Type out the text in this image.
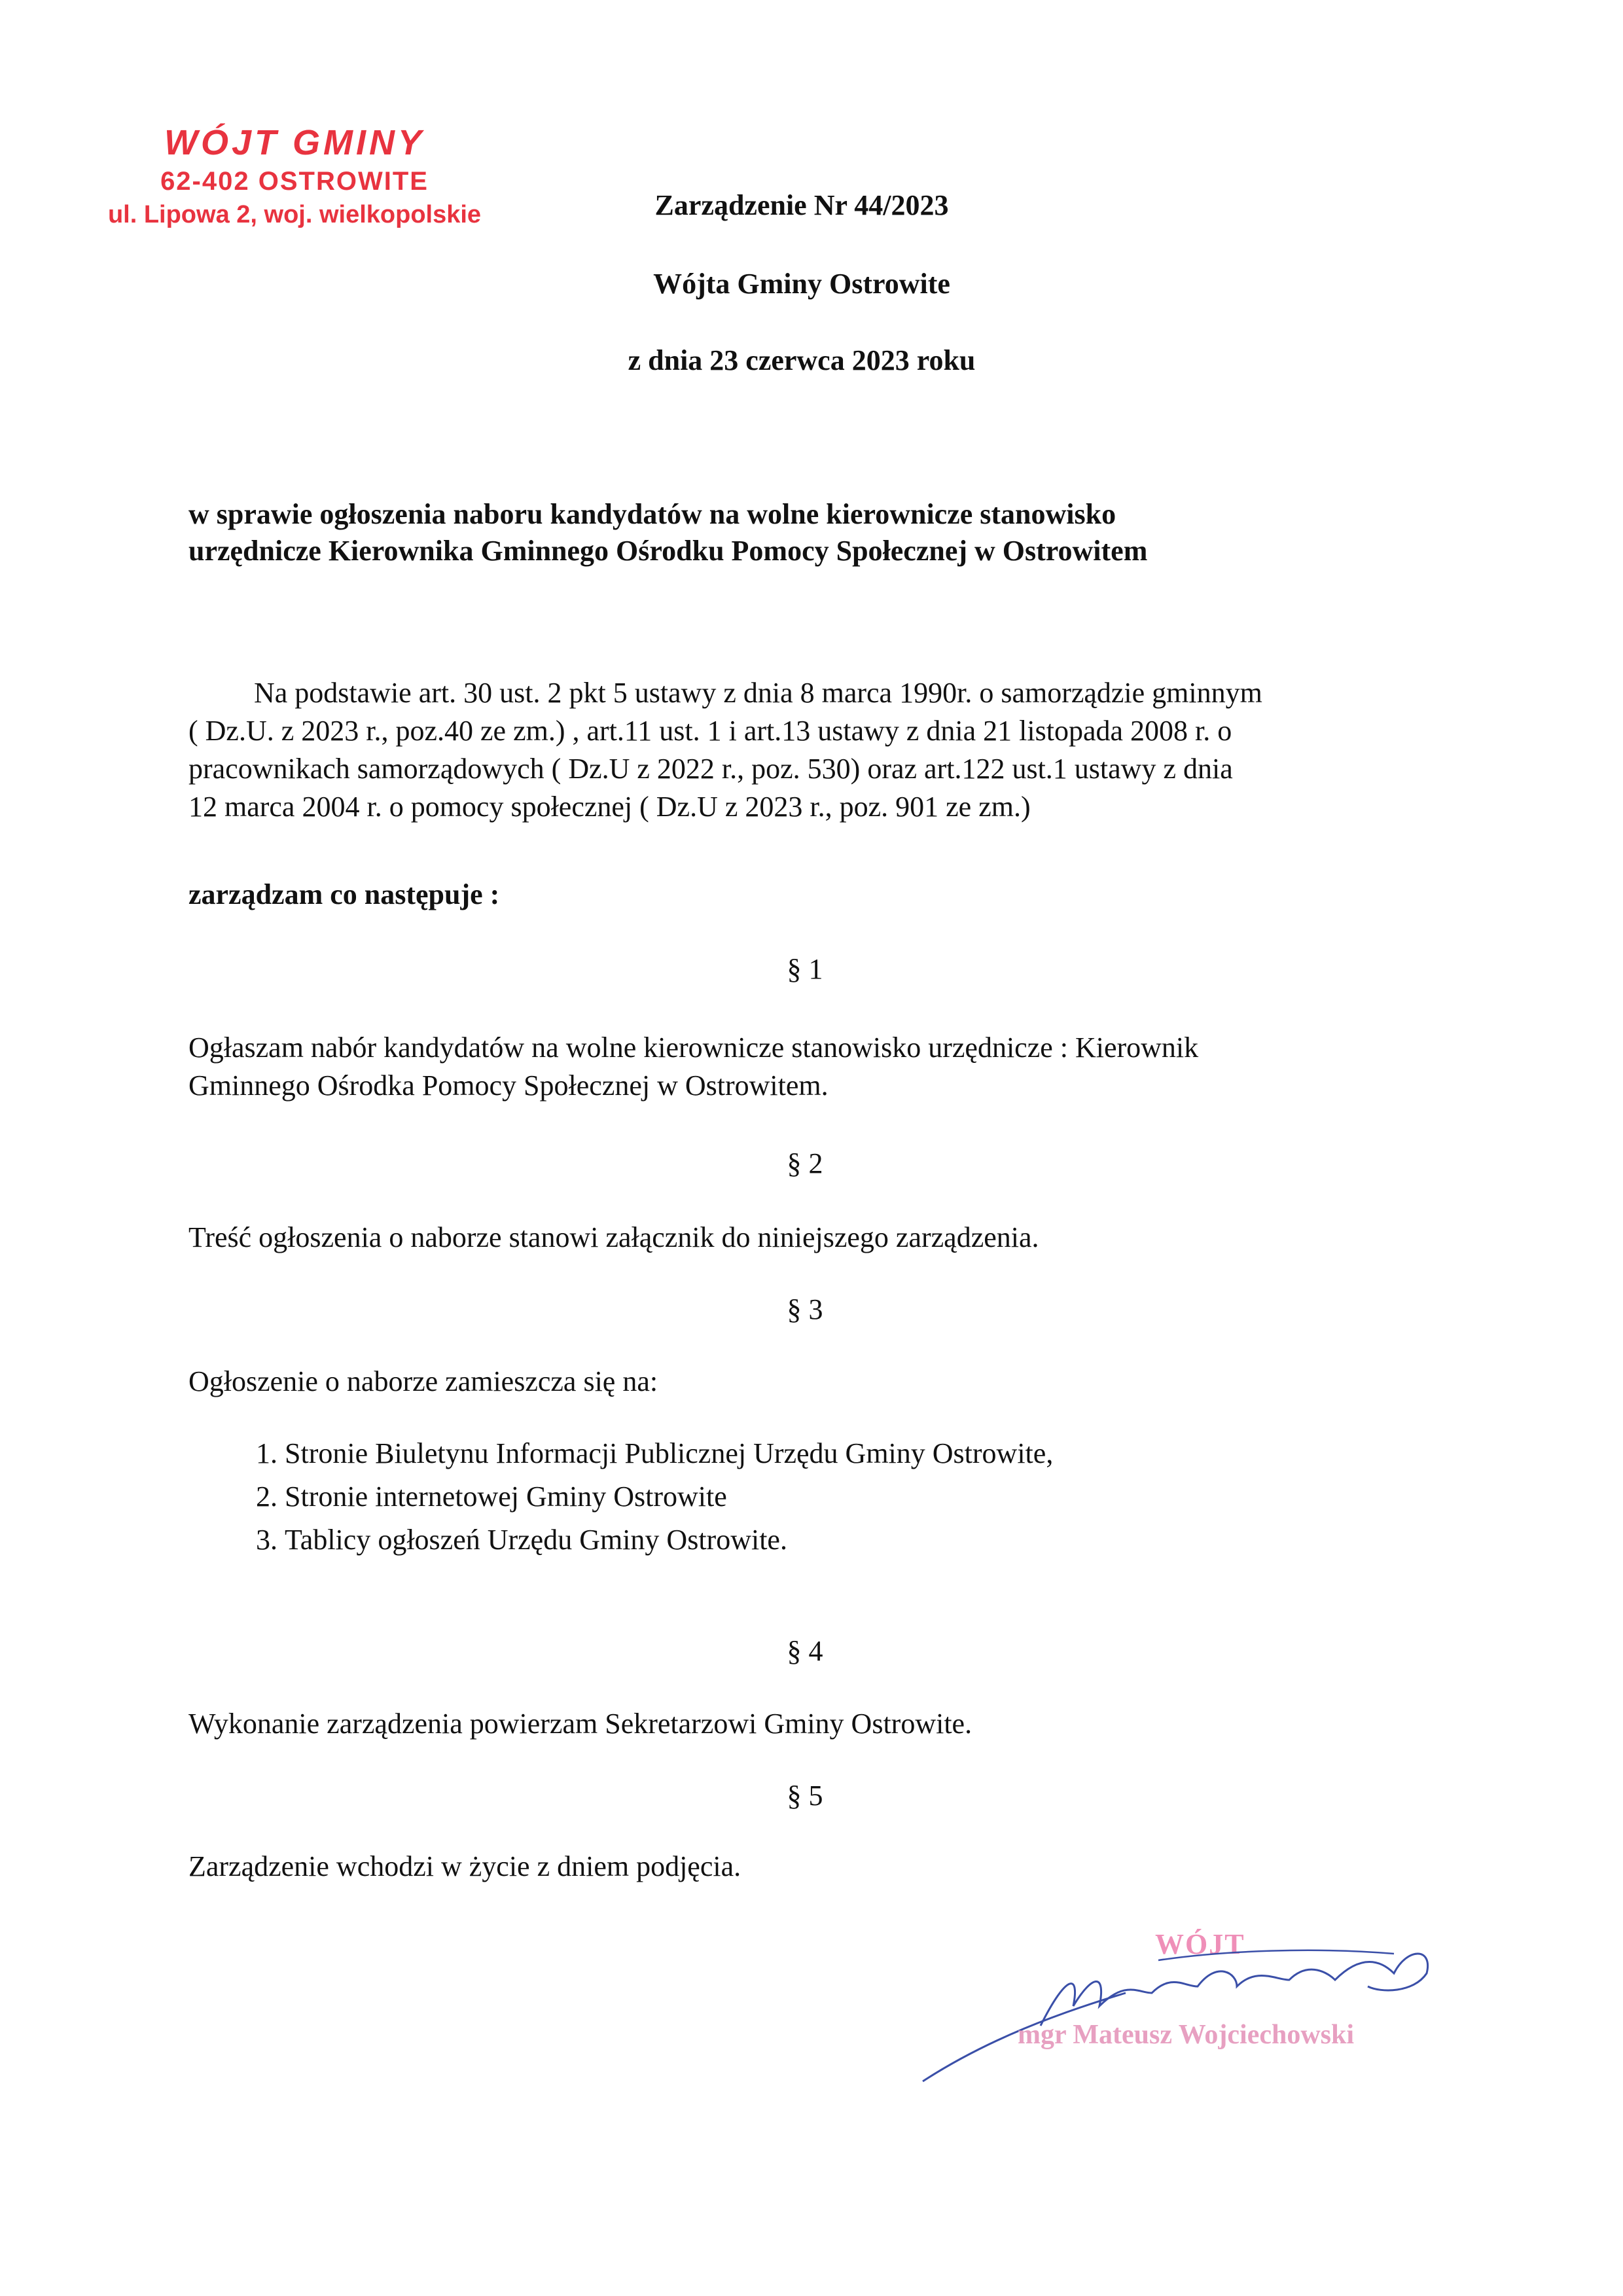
WÓJT GMINY
62-402 OSTROWITE
ul. Lipowa 2, woj. wielkopolskie	Zarządzenie Nr 44/2023
Wójta Gminy Ostrowite
z dnia 23 czerwca 2023 roku
w sprawie ogłoszenia naboru kandydatów na wolne kierownicze stanowisko
urzędnicze Kierownika Gminnego Ośrodku Pomocy Społecznej w Ostrowitem
Na podstawie art. 30 ust. 2 pkt 5 ustawy z dnia 8 marca 1990r. o samorządzie gminnym
( Dz.U. z 2023 r., poz.40 ze zm.) , art.11 ust. 1 i art.13 ustawy z dnia 21 listopada 2008 r. o
pracownikach samorządowych ( Dz.U z 2022 r., poz. 530) oraz art.122 ust.1 ustawy z dnia
12 marca 2004 r. o pomocy społecznej ( Dz.U z 2023 r., poz. 901 ze zm.)
zarządzam co następuje :
§ 1
Ogłaszam nabór kandydatów na wolne kierownicze stanowisko urzędnicze : Kierownik
Gminnego Ośrodka Pomocy Społecznej w Ostrowitem.
§ 2
Treść ogłoszenia o naborze stanowi załącznik do niniejszego zarządzenia.
§ 3
Ogłoszenie o naborze zamieszcza się na:
1. Stronie Biuletynu Informacji Publicznej Urzędu Gminy Ostrowite,
2. Stronie internetowej Gminy Ostrowite
3. Tablicy ogłoszeń Urzędu Gminy Ostrowite.
§ 4
Wykonanie zarządzenia powierzam Sekretarzowi Gminy Ostrowite.
§ 5
Zarządzenie wchodzi w życie z dniem podjęcia.
WÓJT
mgr Mateusz Wojciechowski
